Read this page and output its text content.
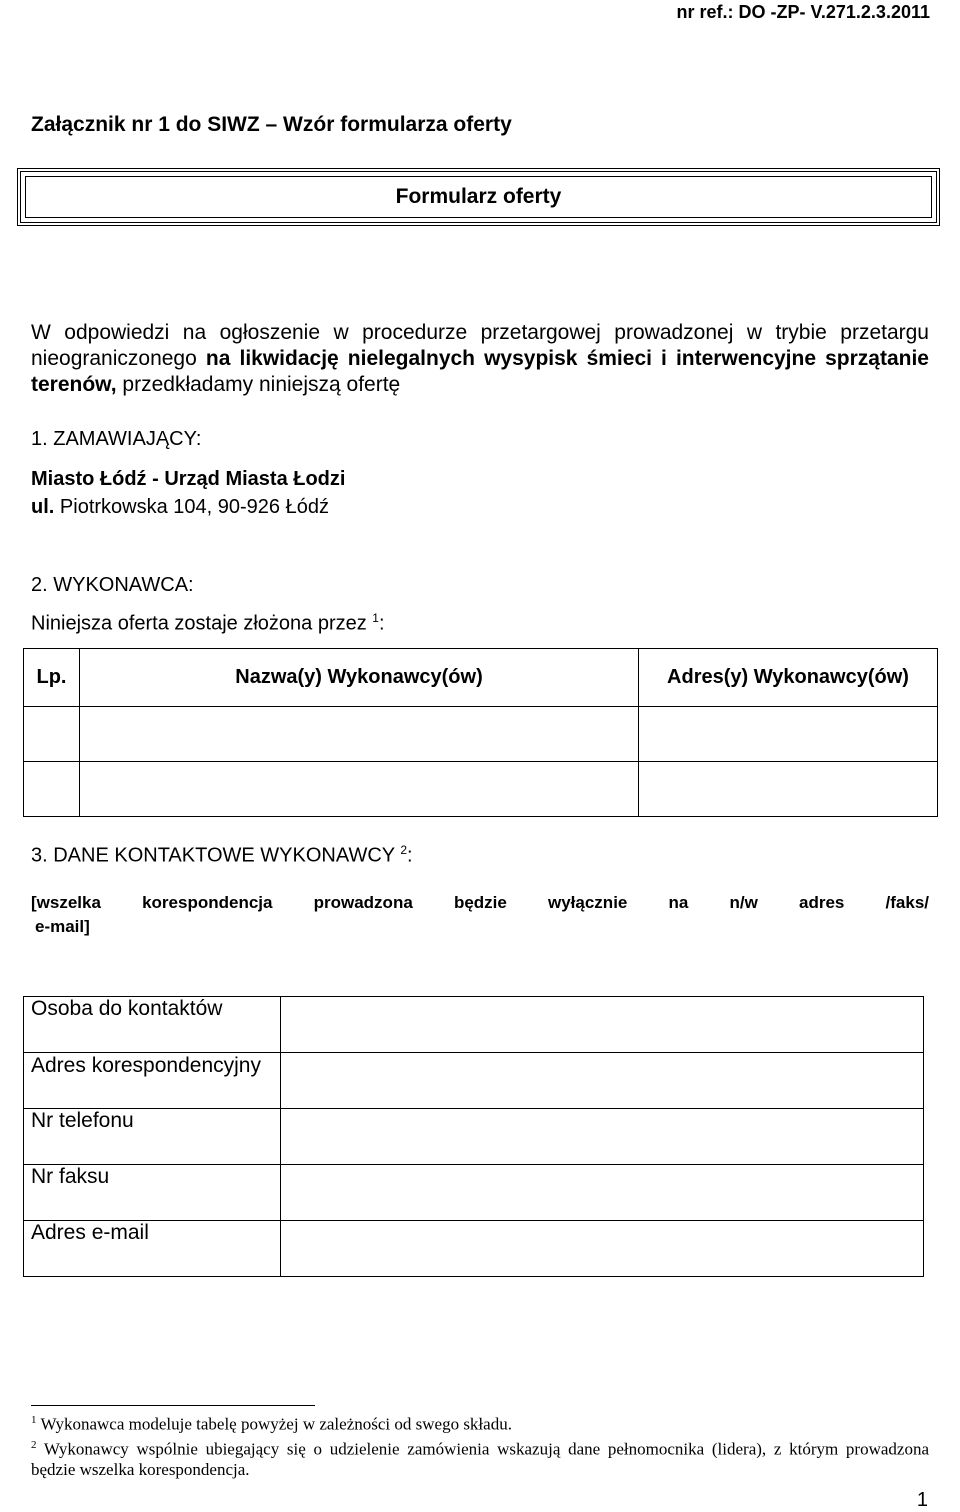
nr ref.: DO -ZP- V.271.2.3.2011
Załącznik nr 1 do SIWZ – Wzór formularza oferty
Formularz oferty
W odpowiedzi na ogłoszenie w procedurze przetargowej prowadzonej w trybie przetargu nieograniczonego na likwidację nielegalnych wysypisk śmieci i interwencyjne sprzątanie terenów, przedkładamy niniejszą ofertę
1. ZAMAWIAJĄCY:
Miasto Łódź - Urząd Miasta Łodzi
ul. Piotrkowska 104, 90-926 Łódź
2. WYKONAWCA:
Niniejsza oferta zostaje złożona przez $^1$:
Lp.	Nazwa(y) Wykonawcy(ów)	Adres(y) Wykonawcy(ów)

3. DANE KONTAKTOWE WYKONAWCY $^2$:
[wszelka korespondencja prowadzona będzie wyłącznie na n/w adres /faks/
e-mail]
Osoba do kontaktów	
Adres korespondencyjny	
Nr telefonu	
Nr faksu	
Adres e-mail	
$^1$ Wykonawca modeluje tabelę powyżej w zależności od swego składu.
$^2$ Wykonawcy wspólnie ubiegający się o udzielenie zamówienia wskazują dane pełnomocnika (lidera), z którym prowadzona będzie wszelka korespondencja.
1
